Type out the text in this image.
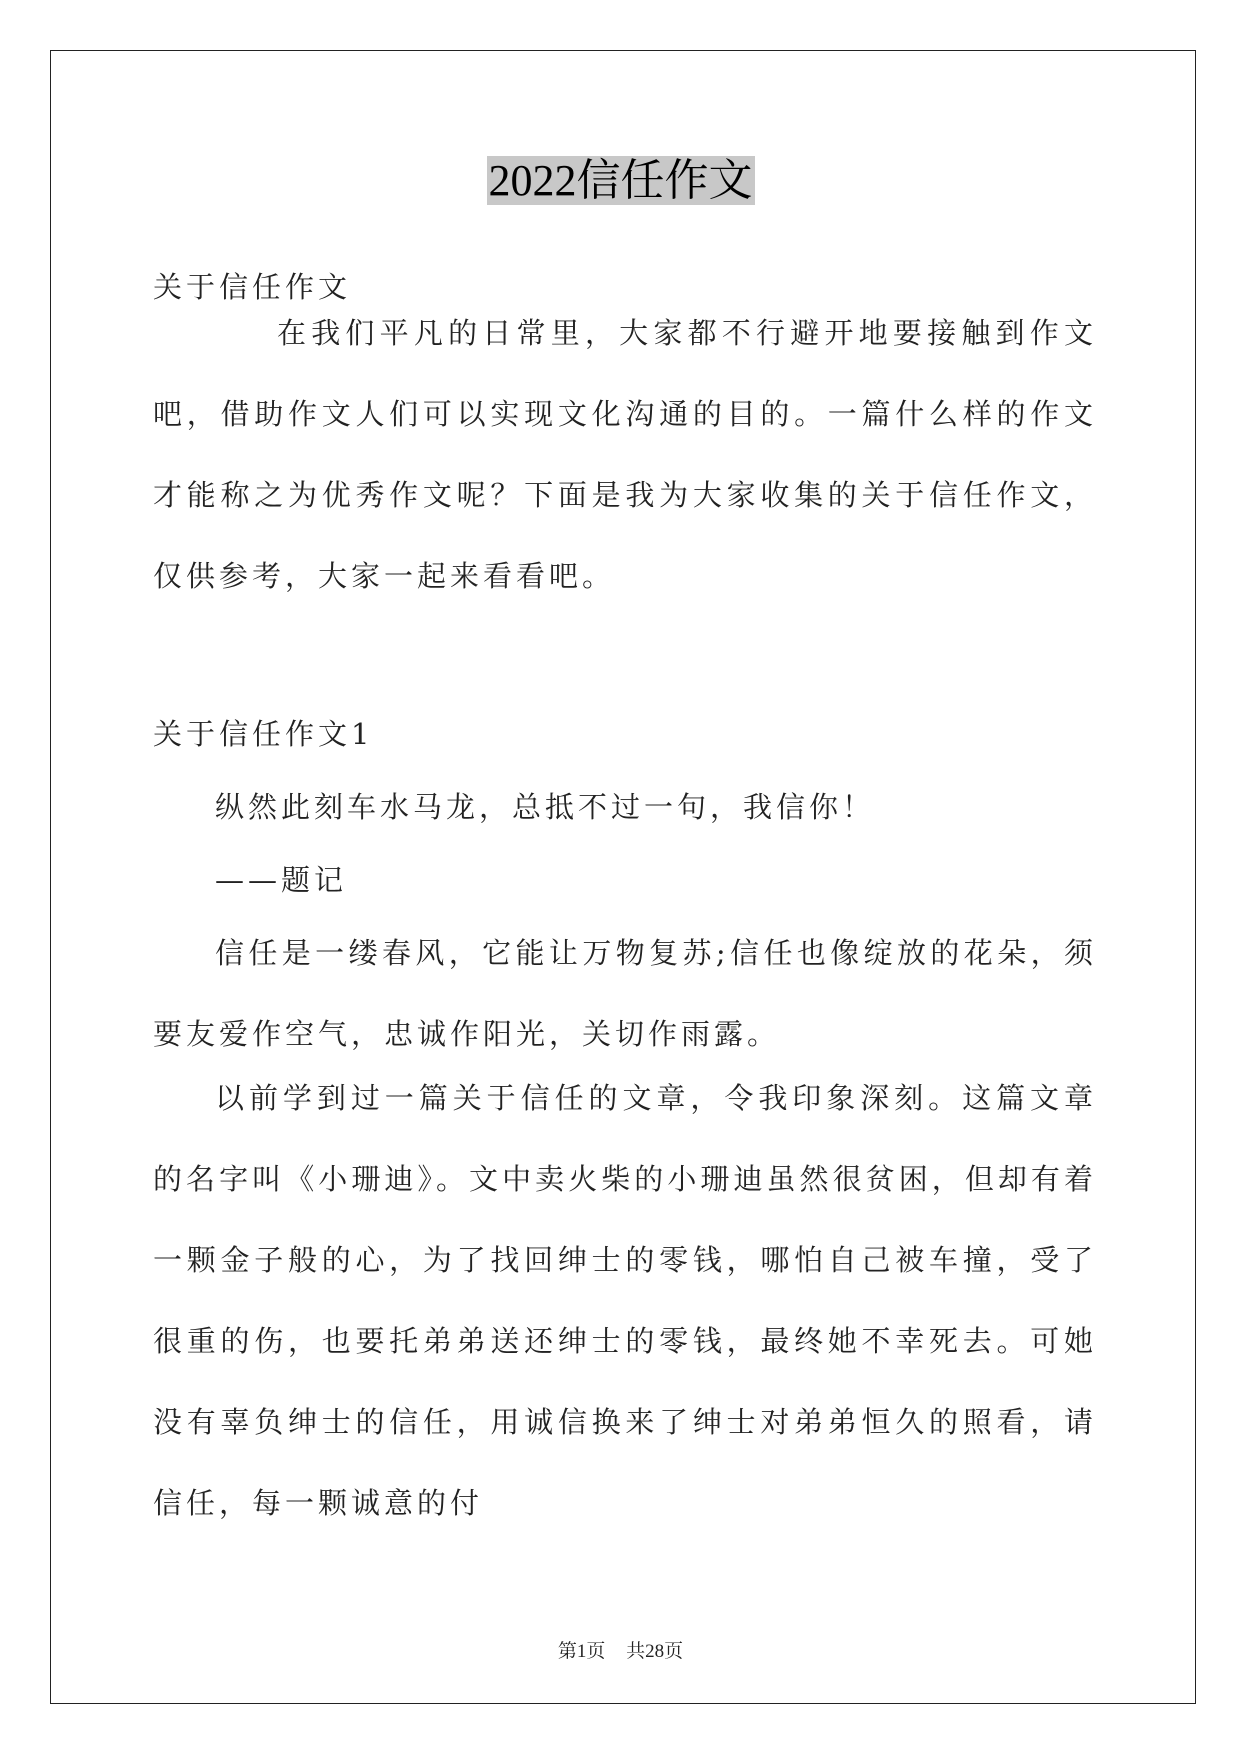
2022信任作文

关于信任作文

在我们平凡的日常里，大家都不行避开地要接触到作文吧，借助作文人们可以实现文化沟通的目的。一篇什么样的作文才能称之为优秀作文呢？下面是我为大家收集的关于信任作文，仅供参考，大家一起来看看吧。

关于信任作文1

纵然此刻车水马龙，总抵不过一句，我信你！

——题记

信任是一缕春风，它能让万物复苏;信任也像绽放的花朵，须要友爱作空气，忠诚作阳光，关切作雨露。

以前学到过一篇关于信任的文章，令我印象深刻。这篇文章的名字叫《小珊迪》。文中卖火柴的小珊迪虽然很贫困，但却有着一颗金子般的心，为了找回绅士的零钱，哪怕自己被车撞，受了很重的伤，也要托弟弟送还绅士的零钱，最终她不幸死去。可她没有辜负绅士的信任，用诚信换来了绅士对弟弟恒久的照看，请信任，每一颗诚意的付

第1页 共28页
